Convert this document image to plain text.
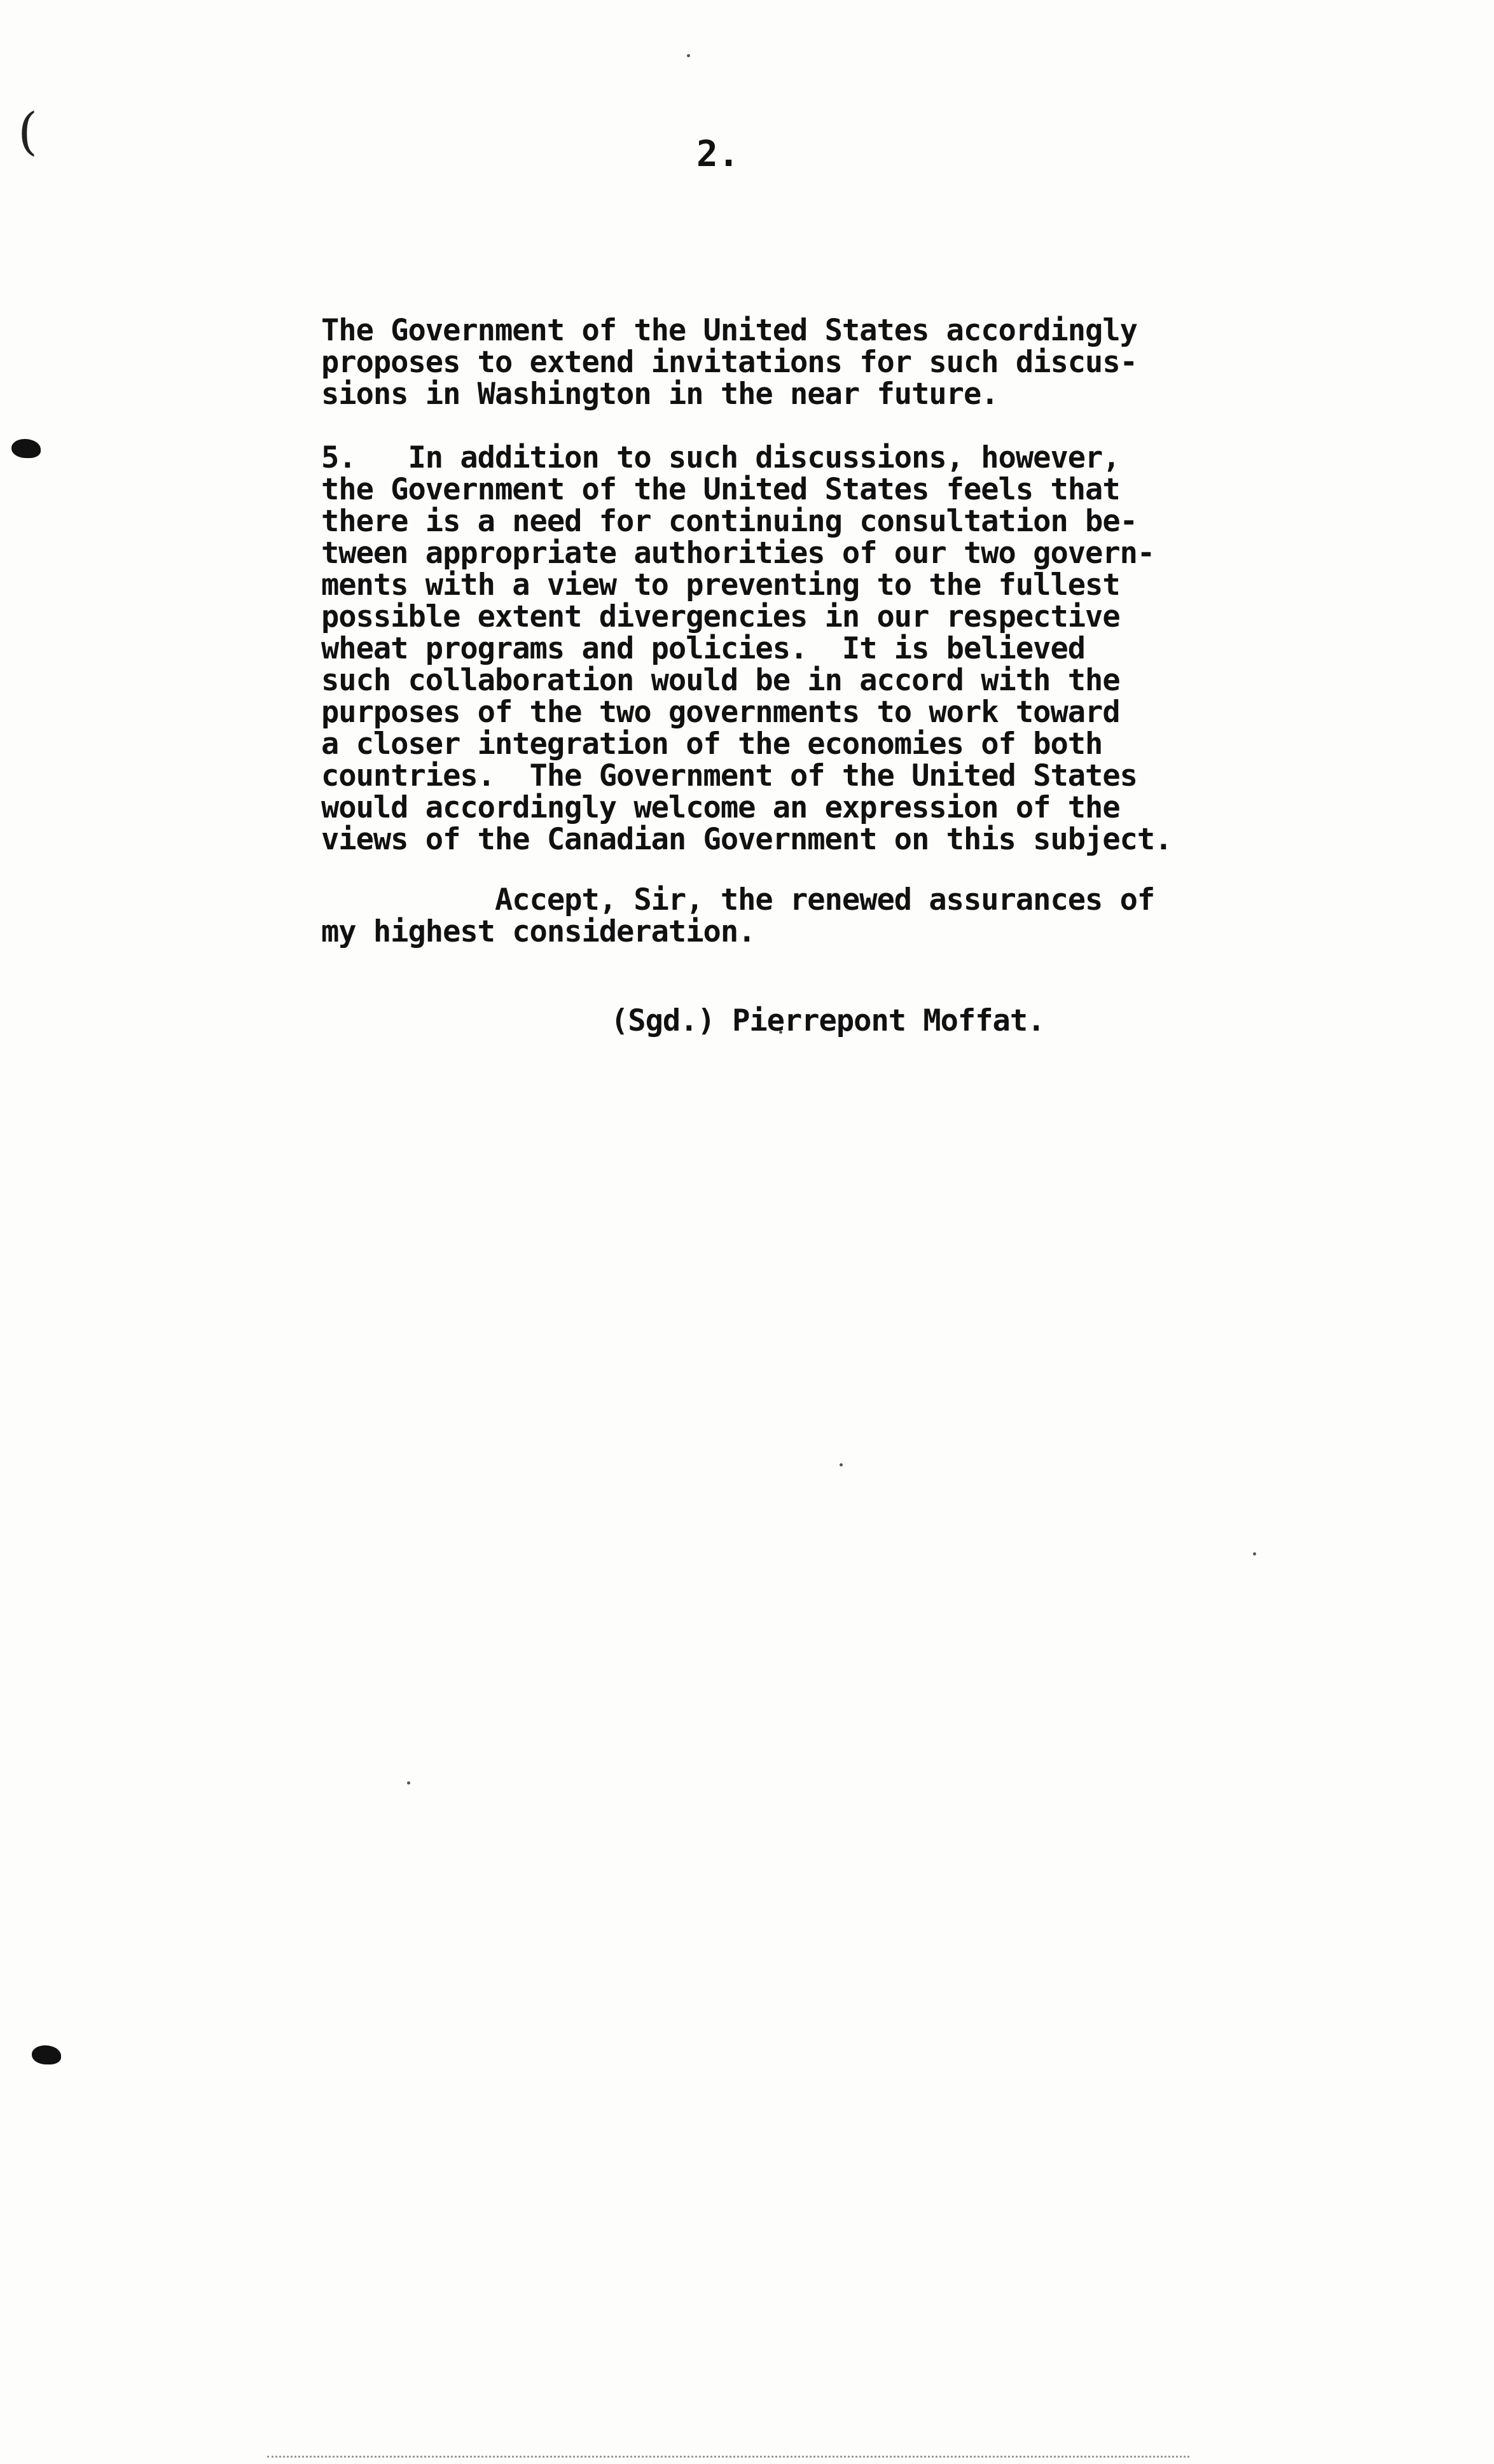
(	2.
The Government of the United States accordingly
proposes to extend invitations for such discus-
sions in Washington in the near future.
5.   In addition to such discussions, however,
the Government of the United States feels that
there is a need for continuing consultation be-
tween appropriate authorities of our two govern-
ments with a view to preventing to the fullest
possible extent divergencies in our respective
wheat programs and policies.  It is believed
such collaboration would be in accord with the
purposes of the two governments to work toward
a closer integration of the economies of both
countries.  The Government of the United States
would accordingly welcome an expression of the
views of the Canadian Government on this subject.
Accept, Sir, the renewed assurances of
my highest consideration.
(Sgd.) Pierrepont Moffat.
